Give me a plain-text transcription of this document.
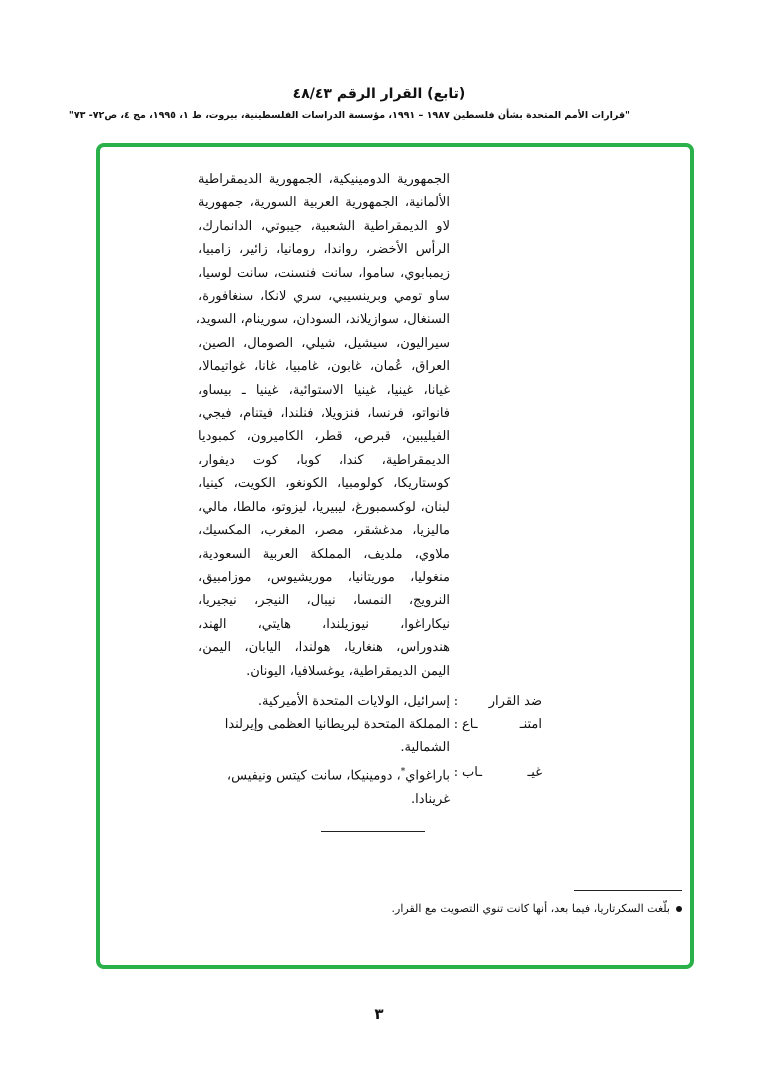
(تابع) القرار الرقم ٤٨/٤٣
"قرارات الأمم المتحدة بشأن فلسطين ١٩٨٧ – ١٩٩١، مؤسسة الدراسات الفلسطينية، بيروت، ط ١، ١٩٩٥، مج ٤، ص٧٢- ٧٣"
الجمهورية الدومينيكية، الجمهورية الديمقراطية
الألمانية، الجمهورية العربية السورية، جمهورية
لاو الديمقراطية الشعبية، جيبوتي، الدانمارك،
الرأس الأخضر، رواندا، رومانيا، زائير، زامبيا،
زيمبابوي، ساموا، سانت فنسنت، سانت لوسيا،
ساو تومي وبرينسيبي، سري لانكا، سنغافورة،
السنغال، سوازيلاند، السودان، سورينام، السويد،
سيراليون، سيشيل، شيلي، الصومال، الصين،
العراق، عُمان، غابون، غامبيا، غانا، غواتيمالا،
غيانا، غينيا، غينيا الاستوائية، غينيا ـ بيساو،
فانواتو، فرنسا، فنزويلا، فنلندا، فيتنام، فيجي،
الفيليبين، قبرص، قطر، الكاميرون، كمبوديا
الديمقراطية، كندا، كوبا، كوت ديفوار،
كوستاريكا، كولومبيا، الكونغو، الكويت، كينيا،
لبنان، لوكسمبورغ، ليبيريا، ليزوتو، مالطا، مالي،
ماليزيا، مدغشقر، مصر، المغرب، المكسيك،
ملاوي، ملديف، المملكة العربية السعودية،
منغوليا، موريتانيا، موريشيوس، موزامبيق،
النرويج، النمسا، نيبال، النيجر، نيجيريا،
نيكاراغوا، نيوزيلندا، هايتي، الهند،
هندوراس، هنغاريا، هولندا، اليابان، اليمن،
اليمن الديمقراطية، يوغسلافيا، اليونان.
ضد القرار
:
إسرائيل، الولايات المتحدة الأميركية.
امتنـ
ـاع
:
المملكة المتحدة لبريطانيا العظمى وإيرلندا
الشمالية.
غيـ
ـاب
:
باراغواي*، دومينيكا، سانت كيتس ونيفيس،
غرينادا.
بلّغت السكرتاريا، فيما بعد، أنها كانت تنوي التصويت مع القرار.
٣
